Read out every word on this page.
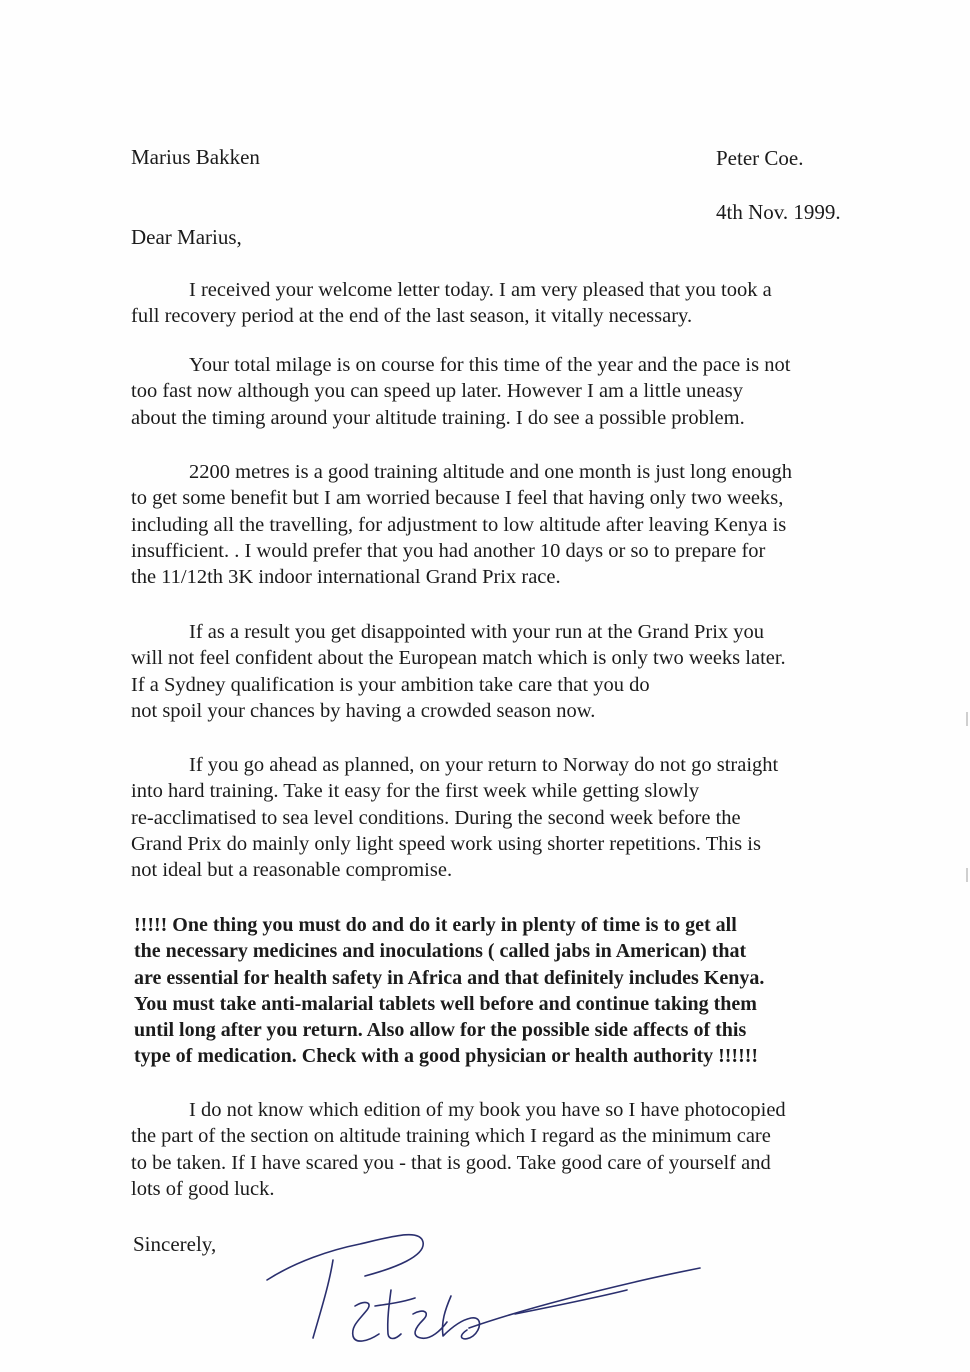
Marius Bakken	Peter Coe.
4th Nov. 1999.
Dear Marius,
I received your welcome letter today. I am very pleased that you took a
full recovery period at the end of the last season, it vitally necessary.
Your total milage is on course for this time of the year and the pace is not
too fast now although you can speed up later. However I am a little uneasy
about the timing around your altitude training. I do see a possible problem.
2200 metres is a good training altitude and one month is just long enough
to get some benefit but I am worried because I feel that having only two weeks,
including all the travelling, for adjustment to low altitude after leaving Kenya is
insufficient. . I would prefer that you had another 10 days or so to prepare for
the 11/12th 3K indoor international Grand Prix race.
If as a result you get disappointed with your run at the Grand Prix you
will not feel confident about the European match which is only two weeks later.
If a Sydney qualification is your ambition take care that you do
not spoil your chances by having a crowded season now.
If you go ahead as planned, on your return to Norway do not go straight
into hard training. Take it easy for the first week while getting slowly
re-acclimatised to sea level conditions. During the second week before the
Grand Prix do mainly only light speed work using shorter repetitions. This is
not ideal but a reasonable compromise.
!!!!! One thing you must do and do it early in plenty of time is to get all
the necessary medicines and inoculations ( called jabs in American) that
are essential for health safety in Africa and that definitely includes Kenya.
You must take anti-malarial tablets well before and continue taking them
until long after you return. Also allow for the possible side affects of this
type of medication. Check with a good physician or health authority !!!!!!
I do not know which edition of my book you have so I have photocopied
the part of the section on altitude training which I regard as the minimum care
to be taken. If I have scared you - that is good. Take good care of yourself and
lots of good luck.
Sincerely,
